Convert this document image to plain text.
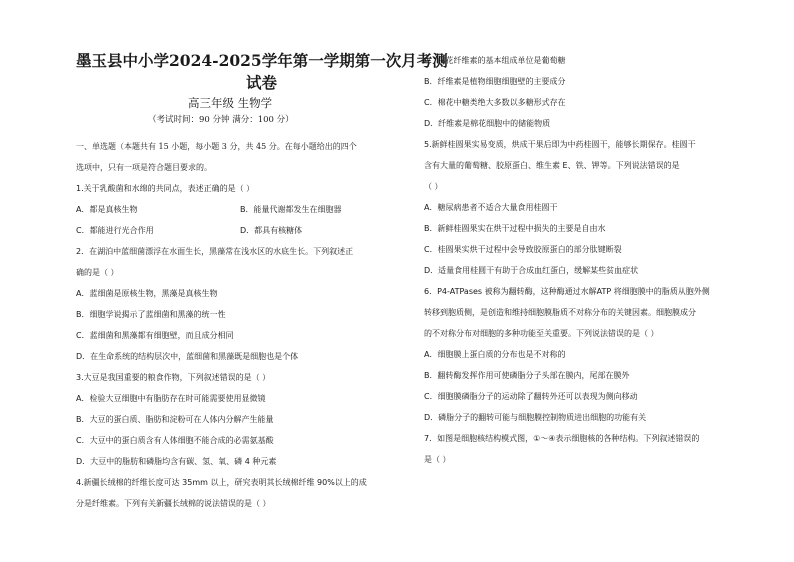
墨玉县中小学2024-2025学年第一学期第一次月考测
试卷
高三年级 生物学
（考试时间：90 分钟 满分：100 分）
一、单选题（本题共有 15 小题，每小题 3 分，共 45 分。在每小题给出的四个
选项中，只有一项是符合题目要求的。
1.关于乳酸菌和水绵的共同点，表述正确的是（ ）
A．都是真核生物	B．能量代谢都发生在细胞器
C．都能进行光合作用	D．都具有核糖体
2．在湖泊中蓝细菌漂浮在水面生长，黑藻常在浅水区的水底生长。下列叙述正
确的是（ ）
A．蓝细菌是原核生物，黑藻是真核生物
B．细胞学说揭示了蓝细菌和黑藻的统一性
C．蓝细菌和黑藻都有细胞壁，而且成分相同
D．在生命系统的结构层次中，蓝细菌和黑藻既是细胞也是个体
3.大豆是我国重要的粮食作物，下列叙述错误的是（ ）
A．检验大豆细胞中有脂肪存在时可能需要使用显微镜
B．大豆的蛋白质、脂肪和淀粉可在人体内分解产生能量
C．大豆中的蛋白质含有人体细胞不能合成的必需氨基酸
D．大豆中的脂肪和磷脂均含有碳、氢、氧、磷 4 种元素
4.新疆长绒棉的纤维长度可达 35mm 以上，研究表明其长绒棉纤维 90%以上的成
分是纤维素。下列有关新疆长绒棉的说法错误的是（ ）
A．棉花纤维素的基本组成单位是葡萄糖
B．纤维素是植物细胞细胞壁的主要成分
C．棉花中糖类绝大多数以多糖形式存在
D．纤维素是棉花细胞中的储能物质
5.新鲜桂圆果实易变质，烘成干果后即为中药桂圆干，能够长期保存。桂圆干
含有大量的葡萄糖、胶原蛋白、维生素 E、铁、钾等。下列说法错误的是
（ ）
A．糖尿病患者不适合大量食用桂圆干
B．新鲜桂圆果实在烘干过程中损失的主要是自由水
C．桂圆果实烘干过程中会导致胶原蛋白的部分肽键断裂
D．适量食用桂圆干有助于合成血红蛋白，缓解某些贫血症状
6．P4-ATPases 被称为翻转酶，这种酶通过水解ATP 将细胞膜中的脂质从胞外侧
转移到胞质侧，是创造和维持细胞膜脂质不对称分布的关键因素。细胞膜成分
的不对称分布对细胞的多种功能至关重要。下列说法错误的是（ ）
A．细胞膜上蛋白质的分布也是不对称的
B．翻转酶发挥作用可使磷脂分子头部在膜内，尾部在膜外
C．细胞膜磷脂分子的运动除了翻转外还可以表现为侧向移动
D．磷脂分子的翻转可能与细胞膜控制物质进出细胞的功能有关
7．如图是细胞核结构模式图，①～④表示细胞核的各种结构。下列叙述错误的
是（ ）
